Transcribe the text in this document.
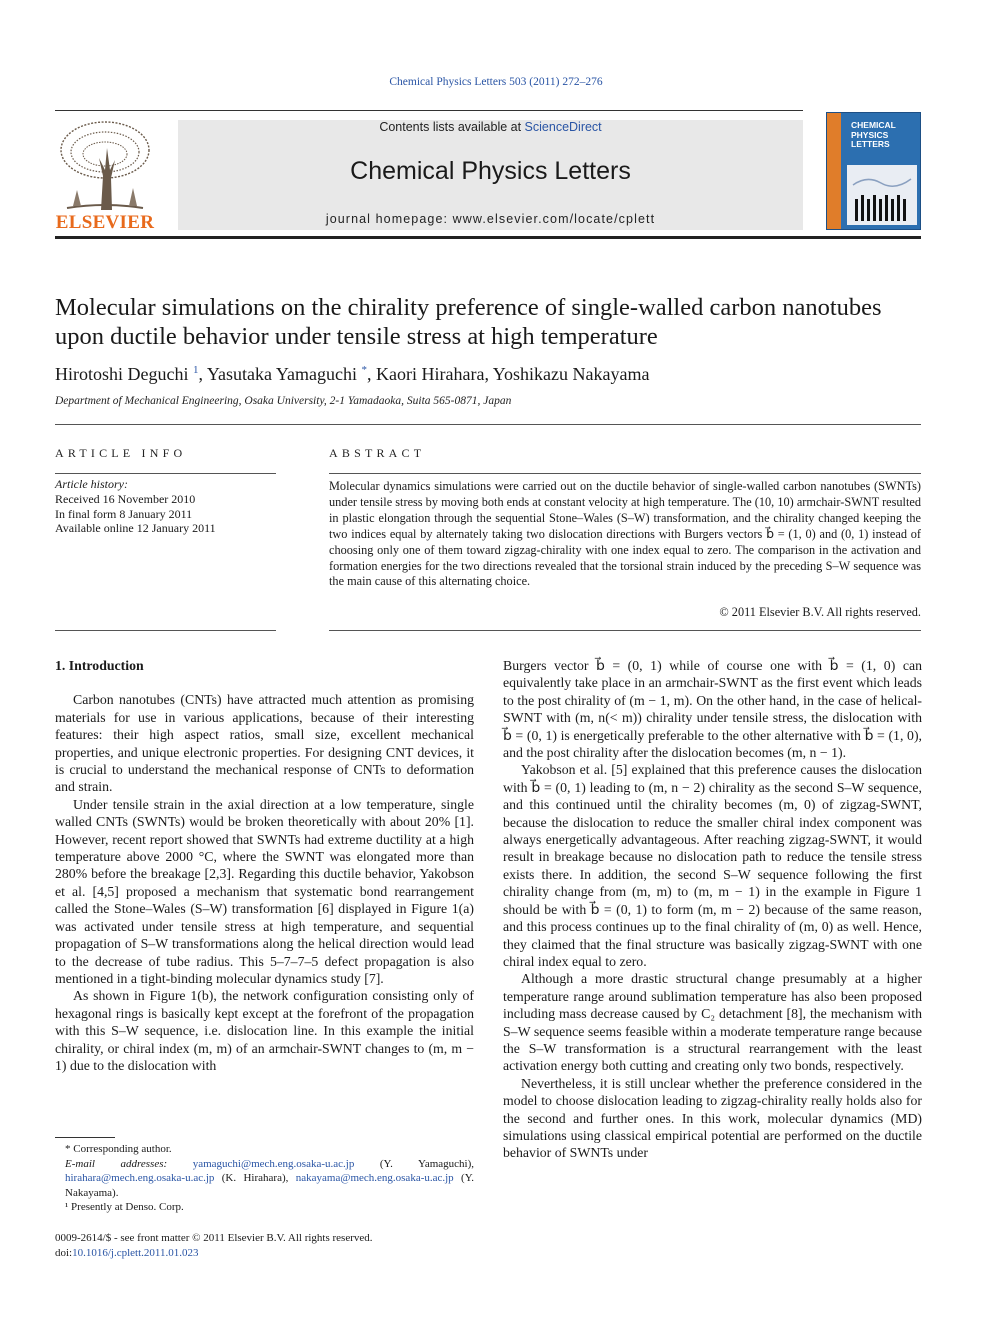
Chemical Physics Letters 503 (2011) 272–276
ELSEVIER
Contents lists available at ScienceDirect
Chemical Physics Letters
journal homepage: www.elsevier.com/locate/cplett
CHEMICAL
PHYSICS
LETTERS
Molecular simulations on the chirality preference of single-walled carbon nanotubes upon ductile behavior under tensile stress at high temperature
Hirotoshi Deguchi $^1$, Yasutaka Yamaguchi *, Kaori Hirahara, Yoshikazu Nakayama
Department of Mechanical Engineering, Osaka University, 2-1 Yamadaoka, Suita 565-0871, Japan
ARTICLE INFO
Article history:
Received 16 November 2010
In final form 8 January 2011
Available online 12 January 2011
ABSTRACT

Molecular dynamics simulations were carried out on the ductile behavior of single-walled carbon nanotubes (SWNTs) under tensile stress by moving both ends at constant velocity at high temperature. The (10, 10) armchair-SWNT resulted in plastic elongation through the sequential Stone–Wales (S–W) transformation, and the chirality changed keeping the two indices equal by alternately taking two dislocation directions with Burgers vectors b⃗ = (1, 0) and (0, 1) instead of choosing only one of them toward zigzag-chirality with one index equal to zero. The comparison in the activation and formation energies for the two directions revealed that the torsional strain induced by the preceding S–W sequence was the main cause of this alternating choice.

© 2011 Elsevier B.V. All rights reserved.
1. Introduction

Carbon nanotubes (CNTs) have attracted much attention as promising materials for use in various applications, because of their interesting features: their high aspect ratios, small size, excellent mechanical properties, and unique electronic properties. For designing CNT devices, it is crucial to understand the mechanical response of CNTs to deformation and strain.

Under tensile strain in the axial direction at a low temperature, single walled CNTs (SWNTs) would be broken theoretically with about 20% [1]. However, recent report showed that SWNTs had extreme ductility at a high temperature above 2000 °C, where the SWNT was elongated more than 280% before the breakage [2,3]. Regarding this ductile behavior, Yakobson et al. [4,5] proposed a mechanism that systematic bond rearrangement called the Stone–Wales (S–W) transformation [6] displayed in Figure 1(a) was activated under tensile stress at high temperature, and sequential propagation of S–W transformations along the helical direction would lead to the decrease of tube radius. This 5–7–7–5 defect propagation is also mentioned in a tight-binding molecular dynamics study [7].

As shown in Figure 1(b), the network configuration consisting only of hexagonal rings is basically kept except at the forefront of the propagation with this S–W sequence, i.e. dislocation line. In this example the initial chirality, or chiral index (m, m) of an armchair-SWNT changes to (m, m − 1) due to the dislocation with

Burgers vector b⃗ = (0, 1) while of course one with b⃗ = (1, 0) can equivalently take place in an armchair-SWNT as the first event which leads to the post chirality of (m − 1, m). On the other hand, in the case of helical-SWNT with (m, n(< m)) chirality under tensile stress, the dislocation with b⃗ = (0, 1) is energetically preferable to the other alternative with b⃗ = (1, 0), and the post chirality after the dislocation becomes (m, n − 1).

Yakobson et al. [5] explained that this preference causes the dislocation with b⃗ = (0, 1) leading to (m, n − 2) chirality as the second S–W sequence, and this continued until the chirality becomes (m, 0) of zigzag-SWNT, because the dislocation to reduce the smaller chiral index component was always energetically advantageous. After reaching zigzag-SWNT, it would result in breakage because no dislocation path to reduce the tensile stress exists there. In addition, the second S–W sequence following the first chirality change from (m, m) to (m, m − 1) in the example in Figure 1 should be with b⃗ = (0, 1) to form (m, m − 2) because of the same reason, and this process continues up to the final chirality of (m, 0) as well. Hence, they claimed that the final structure was basically zigzag-SWNT with one chiral index equal to zero.

Although a more drastic structural change presumably at a higher temperature range around sublimation temperature has also been proposed including mass decrease caused by C₂ detachment [8], the mechanism with S–W sequence seems feasible within a moderate temperature range because the S–W transformation is a structural rearrangement with the least activation energy both cutting and creating only two bonds, respectively.

Nevertheless, it is still unclear whether the preference considered in the model to choose dislocation leading to zigzag-chirality really holds also for the second and further ones. In this work, molecular dynamics (MD) simulations using classical empirical potential are performed on the ductile behavior of SWNTs under

* Corresponding author.
E-mail addresses: yamaguchi@mech.eng.osaka-u.ac.jp (Y. Yamaguchi), hirahara@mech.eng.osaka-u.ac.jp (K. Hirahara), nakayama@mech.eng.osaka-u.ac.jp (Y. Nakayama).
¹ Presently at Denso. Corp.
0009-2614/$ - see front matter © 2011 Elsevier B.V. All rights reserved.
doi:10.1016/j.cplett.2011.01.023
